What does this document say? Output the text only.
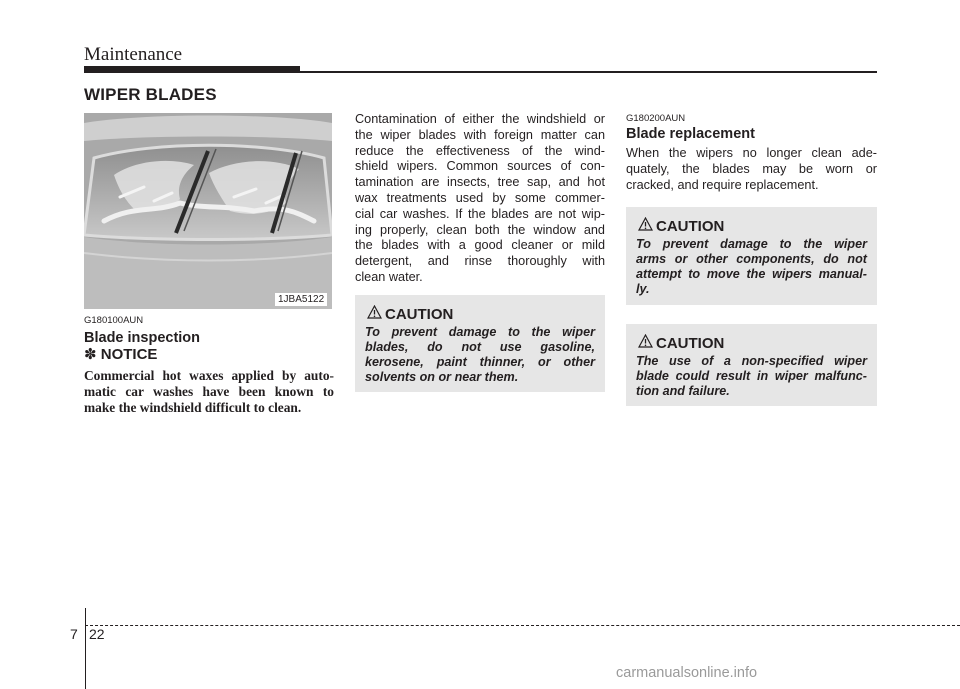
Maintenance
WIPER BLADES
1JBA5122
G180100AUN
Blade inspection
✽ NOTICE
Commercial hot waxes applied by auto-
matic car washes have been known to
make the windshield difficult to clean.
Contamination of either the windshield or
the wiper blades with foreign matter can
reduce the effectiveness of the wind-
shield wipers. Common sources of con-
tamination are insects, tree sap, and hot
wax treatments used by some commer-
cial car washes. If the blades are not wip-
ing properly, clean both the window and
the blades with a good cleaner or mild
detergent, and rinse thoroughly with
clean water.
CAUTION
To prevent damage to the wiper
blades, do not use gasoline,
kerosene, paint thinner, or other
solvents on or near them.
G180200AUN
Blade replacement
When the wipers no longer clean ade-
quately, the blades may be worn or
cracked, and require replacement.
CAUTION
To prevent damage to the wiper
arms or other components, do not
attempt to move the wipers manual-
ly.
CAUTION
The use of a non-specified wiper
blade could result in wiper malfunc-
tion and failure.
7 22
carmanualsonline.info
